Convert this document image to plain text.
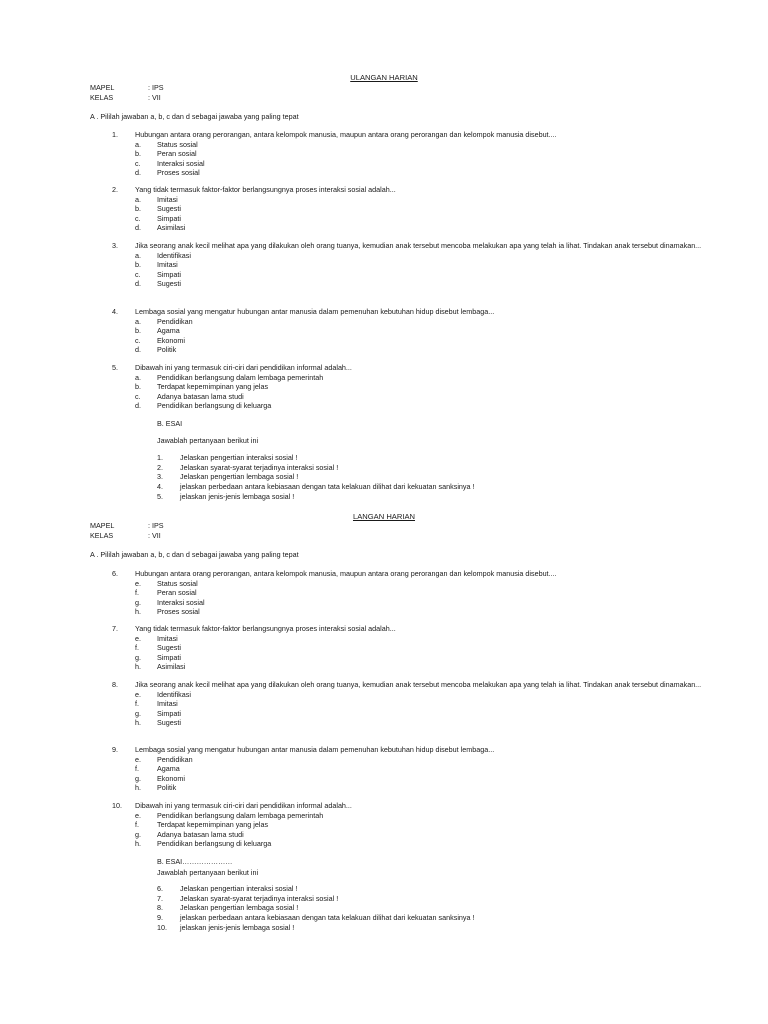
ULANGAN HARIAN
MAPEL	: IPS
KELAS	: VII
A . Pililah jawaban a, b, c dan d sebagai jawaba yang paling tepat
1. Hubungan antara orang perorangan, antara kelompok manusia, maupun antara orang perorangan dan kelompok manusia disebut....
a. Status sosial
b. Peran sosial
c. Interaksi sosial
d. Proses sosial
2. Yang tidak termasuk faktor-faktor berlangsungnya proses interaksi sosial adalah...
a. Imitasi
b. Sugesti
c. Simpati
d. Asimilasi
3. Jika seorang anak kecil melihat apa yang dilakukan oleh orang tuanya, kemudian anak tersebut mencoba melakukan apa yang telah ia lihat. Tindakan anak tersebut dinamakan...
a. Identifikasi
b. Imitasi
c. Simpati
d. Sugesti
4. Lembaga sosial yang mengatur hubungan antar manusia dalam pemenuhan kebutuhan hidup disebut lembaga...
a. Pendidikan
b. Agama
c. Ekonomi
d. Politik
5. Dibawah ini yang termasuk ciri-ciri dari pendidikan informal adalah...
a. Pendidikan berlangsung dalam lembaga pemerintah
b. Terdapat kepemimpinan yang jelas
c. Adanya batasan lama studi
d. Pendidikan berlangsung di keluarga
B. ESAI
Jawablah pertanyaan berikut ini
1. Jelaskan pengertian interaksi sosial !
2. Jelaskan syarat-syarat terjadinya interaksi sosial !
3. Jelaskan pengertian lembaga sosial !
4. jelaskan perbedaan antara kebiasaan dengan tata kelakuan dilihat dari kekuatan sanksinya !
5. jelaskan jenis-jenis lembaga sosial !
LANGAN HARIAN
MAPEL	: IPS
KELAS	: VII
A . Pililah jawaban a, b, c dan d sebagai jawaba yang paling tepat
6. Hubungan antara orang perorangan, antara kelompok manusia, maupun antara orang perorangan dan kelompok manusia disebut....
e. Status sosial
f.	Peran sosial
g. Interaksi sosial
h. Proses sosial
7. Yang tidak termasuk faktor-faktor berlangsungnya proses interaksi sosial adalah...
e. Imitasi
f.	Sugesti
g. Simpati
h. Asimilasi
8. Jika seorang anak kecil melihat apa yang dilakukan oleh orang tuanya, kemudian anak tersebut mencoba melakukan apa yang telah ia lihat. Tindakan anak tersebut dinamakan...
e. Identifikasi
f.	Imitasi
g. Simpati
h. Sugesti
9. Lembaga sosial yang mengatur hubungan antar manusia dalam pemenuhan kebutuhan hidup disebut lembaga...
e. Pendidikan
f.	Agama
g. Ekonomi
h. Politik
10. Dibawah ini yang termasuk ciri-ciri dari pendidikan informal adalah...
e. Pendidikan berlangsung dalam lembaga pemerintah
f.	Terdapat kepemimpinan yang jelas
g. Adanya batasan lama studi
h. Pendidikan berlangsung di keluarga
B. ESAI…………………
Jawablah pertanyaan berikut ini
6. Jelaskan pengertian interaksi sosial !
7. Jelaskan syarat-syarat terjadinya interaksi sosial !
8. Jelaskan pengertian lembaga sosial !
9. jelaskan perbedaan antara kebiasaan dengan tata kelakuan dilihat dari kekuatan sanksinya !
10. jelaskan jenis-jenis lembaga sosial !
